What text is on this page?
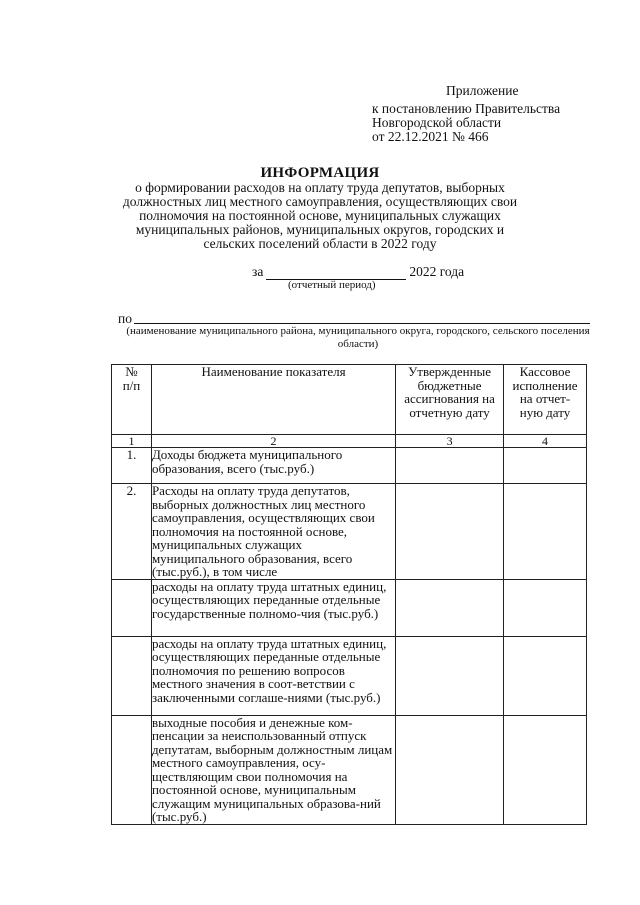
Приложение
к постановлению Правительства
Новгородской области
от 22.12.2021 № 466
ИНФОРМАЦИЯ
о формировании расходов на оплату труда депутатов, выборных должностных лиц местного самоуправления, осуществляющих свои полномочия на постоянной основе, муниципальных служащих муниципальных районов, муниципальных округов, городских и сельских поселений области в 2022 году
за	2022 года
(отчетный период)
по
(наименование муниципального района, муниципального округа, городского, сельского поселения области)
№ п/п	Наименование показателя	Утвержденные бюджетные ассигнования на отчетную дату	Кассовое исполнение на отчет-ную дату
1	2	3	4
1.	Доходы бюджета муниципального образования, всего (тыс.руб.)		
2.	Расходы на оплату труда депутатов, выборных должностных лиц местного самоуправления, осуществляющих свои полномочия на постоянной основе, муниципальных служащих муниципального образования, всего (тыс.руб.), в том числе		
	расходы на оплату труда штатных единиц, осуществляющих переданные отдельные государственные полномо-чия (тыс.руб.)		
	расходы на оплату труда штатных единиц, осуществляющих переданные отдельные полномочия по решению вопросов местного значения в соот-ветствии с заключенными соглаше-ниями (тыс.руб.)		
	выходные пособия и денежные ком-пенсации за неиспользованный отпуск депутатам, выборным должностным лицам местного самоуправления, осу-ществляющим свои полномочия на постоянной основе, муниципальным служащим муниципальных образова-ний (тыс.руб.)		
